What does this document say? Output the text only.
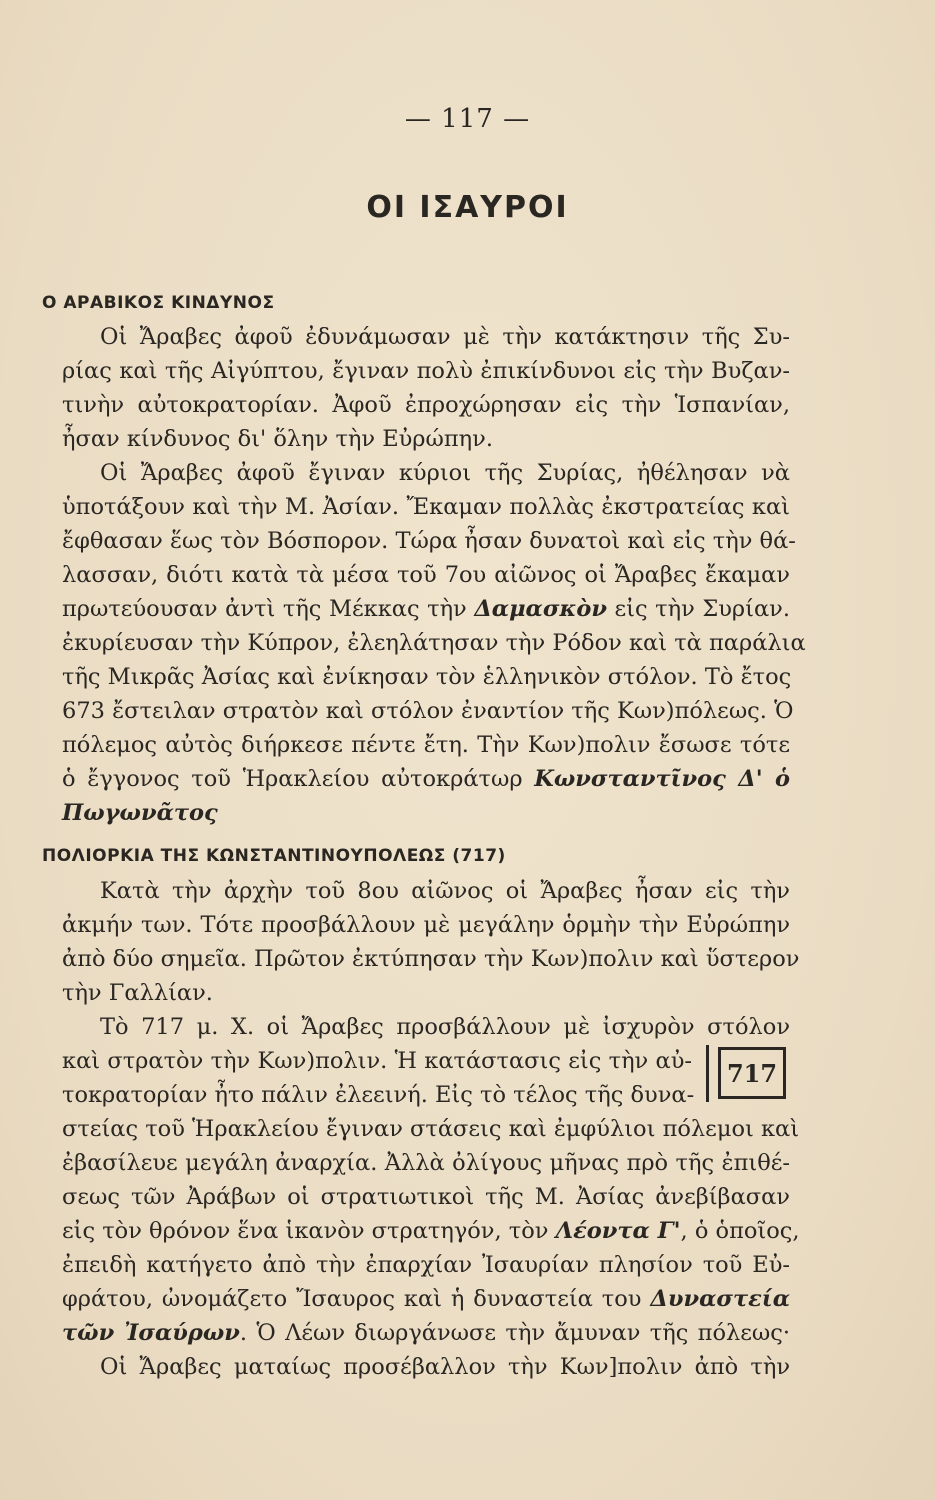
— 117 —
ΟΙ ΙΣΑΥΡΟΙ
Ο ΑΡΑΒΙΚΟΣ ΚΙΝΔΥΝΟΣ
Οἱ Ἄραβες ἀφοῦ ἐδυνάμωσαν μὲ τὴν κατάκτησιν τῆς Συ-
ρίας καὶ τῆς Αἰγύπτου, ἔγιναν πολὺ ἐπικίνδυνοι εἰς τὴν Βυζαν-
τινὴν αὐτοκρατορίαν. Ἀφοῦ ἐπροχώρησαν εἰς τὴν Ἱσπανίαν,
ἦσαν κίνδυνος δι' ὅλην τὴν Εὐρώπην.
Οἱ Ἄραβες ἀφοῦ ἔγιναν κύριοι τῆς Συρίας, ἠθέλησαν νὰ
ὑποτάξουν καὶ τὴν Μ. Ἀσίαν. Ἔκαμαν πολλὰς ἐκστρατείας καὶ
ἔφθασαν ἕως τὸν Βόσπορον. Τώρα ἦσαν δυνατοὶ καὶ εἰς τὴν θά-
λασσαν, διότι κατὰ τὰ μέσα τοῦ 7ου αἰῶνος οἱ Ἄραβες ἔκαμαν
πρωτεύουσαν ἀντὶ τῆς Μέκκας τὴν Δαμασκὸν εἰς τὴν Συρίαν.
ἐκυρίευσαν τὴν Κύπρον, ἐλεηλάτησαν τὴν Ρόδον καὶ τὰ παράλια
τῆς Μικρᾶς Ἀσίας καὶ ἐνίκησαν τὸν ἑλληνικὸν στόλον. Τὸ ἔτος
673 ἔστειλαν στρατὸν καὶ στόλον ἐναντίον τῆς Κων)πόλεως. Ὁ
πόλεμος αὐτὸς διήρκεσε πέντε ἔτη. Τὴν Κων)πολιν ἔσωσε τότε
ὁ ἔγγονος τοῦ Ἡρακλείου αὐτοκράτωρ Κωνσταντῖνος Δ' ὁ
Πωγωνᾶτος
ΠΟΛΙΟΡΚΙΑ ΤΗΣ ΚΩΝΣΤΑΝΤΙΝΟΥΠΟΛΕΩΣ (717)
Κατὰ τὴν ἀρχὴν τοῦ 8ου αἰῶνος οἱ Ἄραβες ἦσαν εἰς τὴν
ἀκμήν των. Τότε προσβάλλουν μὲ μεγάλην ὁρμὴν τὴν Εὐρώπην
ἀπὸ δύο σημεῖα. Πρῶτον ἐκτύπησαν τὴν Κων)πολιν καὶ ὕστερον
τὴν Γαλλίαν.
Τὸ 717 μ. Χ. οἱ Ἄραβες προσβάλλουν μὲ ἰσχυρὸν στόλον
καὶ στρατὸν τὴν Κων)πολιν. Ἡ κατάστασις εἰς τὴν αὐ-
τοκρατορίαν ἦτο πάλιν ἐλεεινή. Εἰς τὸ τέλος τῆς δυνα-
717
στείας τοῦ Ἡρακλείου ἔγιναν στάσεις καὶ ἐμφύλιοι πόλεμοι καὶ
ἐβασίλευε μεγάλη ἀναρχία. Ἀλλὰ ὀλίγους μῆνας πρὸ τῆς ἐπιθέ-
σεως τῶν Ἀράβων οἱ στρατιωτικοὶ τῆς Μ. Ἀσίας ἀνεβίβασαν
εἰς τὸν θρόνον ἕνα ἱκανὸν στρατηγόν, τὸν Λέοντα Γ', ὁ ὁποῖος,
ἐπειδὴ κατήγετο ἀπὸ τὴν ἐπαρχίαν Ἰσαυρίαν πλησίον τοῦ Εὐ-
φράτου, ὠνομάζετο Ἴσαυρος καὶ ἡ δυναστεία του Δυναστεία
τῶν Ἰσαύρων. Ὁ Λέων διωργάνωσε τὴν ἄμυναν τῆς πόλεως·
Οἱ Ἄραβες ματαίως προσέβαλλον τὴν Κων]πολιν ἀπὸ τὴν
